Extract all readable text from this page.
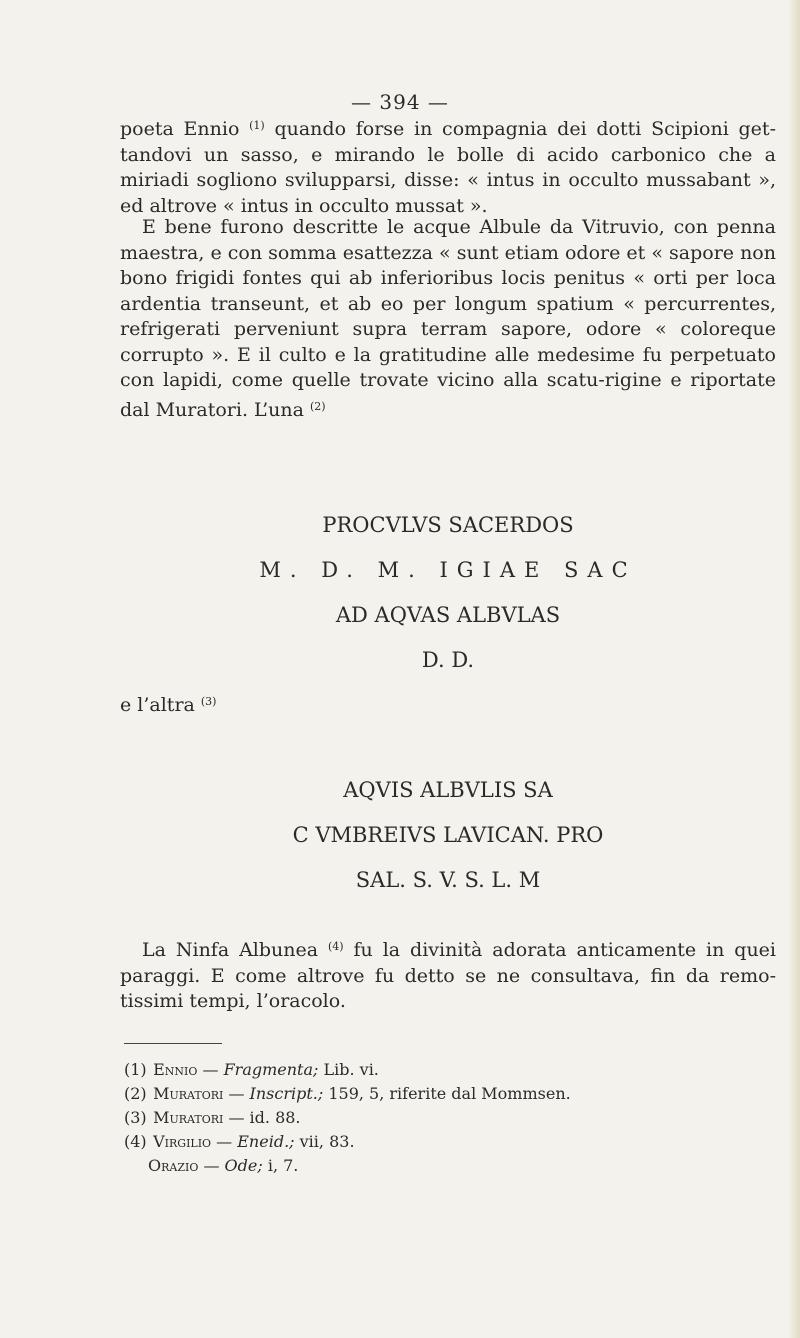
— 394 —

poeta Ennio $^{(1)}$ quando forse in compagnia dei dotti Scipioni get-tandovi un sasso, e mirando le bolle di acido carbonico che a miriadi sogliono svilupparsi, disse: « intus in occulto mussabant », ed altrove « intus in occulto mussat ».

E bene furono descritte le acque Albule da Vitruvio, con penna maestra, e con somma esattezza « sunt etiam odore et « sapore non bono frigidi fontes qui ab inferioribus locis penitus « orti per loca ardentia transeunt, et ab eo per longum spatium « percurrentes, refrigerati perveniunt supra terram sapore, odore « coloreque corrupto ». E il culto e la gratitudine alle medesime fu perpetuato con lapidi, come quelle trovate vicino alla scatu-rigine e riportate dal Muratori. L’una $^{(2)}$

PROCVLVS SACERDOS
M. D. M. IGIAE SAC
AD AQVAS ALBVLAS
D. D.
e l’altra $^{(3)}$
AQVIS ALBVLIS SA
C VMBREIVS LAVICAN. PRO
SAL. S. V. S. L. M

La Ninfa Albunea $^{(4)}$ fu la divinità adorata anticamente in quei paraggi. E come altrove fu detto se ne consultava, fin da remo-tissimi tempi, l’oracolo.

(1) Ennio — Fragmenta; Lib. vi.
(2) Muratori — Inscript.; 159, 5, riferite dal Mommsen.
(3) Muratori — id. 88.
(4) Virgilio — Eneid.; vii, 83.
Orazio — Ode; i, 7.
